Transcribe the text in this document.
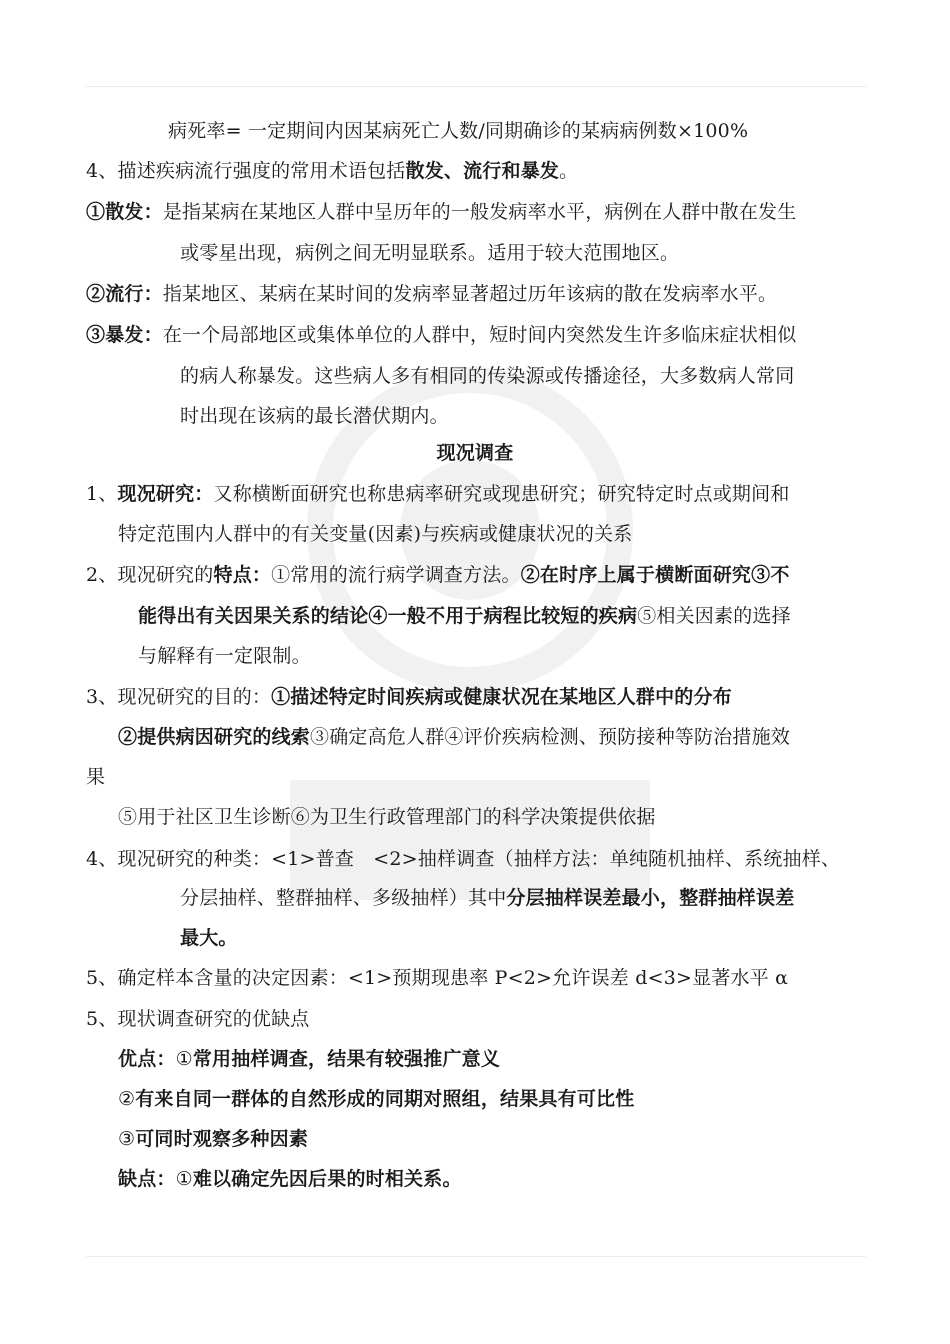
病死率= 一定期间内因某病死亡人数/同期确诊的某病病例数×100%
4、描述疾病流行强度的常用术语包括散发、流行和暴发。
①散发：是指某病在某地区人群中呈历年的一般发病率水平，病例在人群中散在发生
或零星出现，病例之间无明显联系。适用于较大范围地区。
②流行：指某地区、某病在某时间的发病率显著超过历年该病的散在发病率水平。
③暴发：在一个局部地区或集体单位的人群中，短时间内突然发生许多临床症状相似
的病人称暴发。这些病人多有相同的传染源或传播途径，大多数病人常同
时出现在该病的最长潜伏期内。
现况调查
1、现况研究：又称横断面研究也称患病率研究或现患研究；研究特定时点或期间和
特定范围内人群中的有关变量(因素)与疾病或健康状况的关系
2、现况研究的特点：①常用的流行病学调查方法。②在时序上属于横断面研究③不
能得出有关因果关系的结论④一般不用于病程比较短的疾病⑤相关因素的选择
与解释有一定限制。
3、现况研究的目的：①描述特定时间疾病或健康状况在某地区人群中的分布
②提供病因研究的线索③确定高危人群④评价疾病检测、预防接种等防治措施效
果
⑤用于社区卫生诊断⑥为卫生行政管理部门的科学决策提供依据
4、现况研究的种类：<1>普查　<2>抽样调查（抽样方法：单纯随机抽样、系统抽样、
分层抽样、整群抽样、多级抽样）其中分层抽样误差最小，整群抽样误差
最大。
5、确定样本含量的决定因素：<1>预期现患率 P<2>允许误差 d<3>显著水平 α
5、现状调查研究的优缺点
优点：①常用抽样调查，结果有较强推广意义
②有来自同一群体的自然形成的同期对照组，结果具有可比性
③可同时观察多种因素
缺点：①难以确定先因后果的时相关系。
